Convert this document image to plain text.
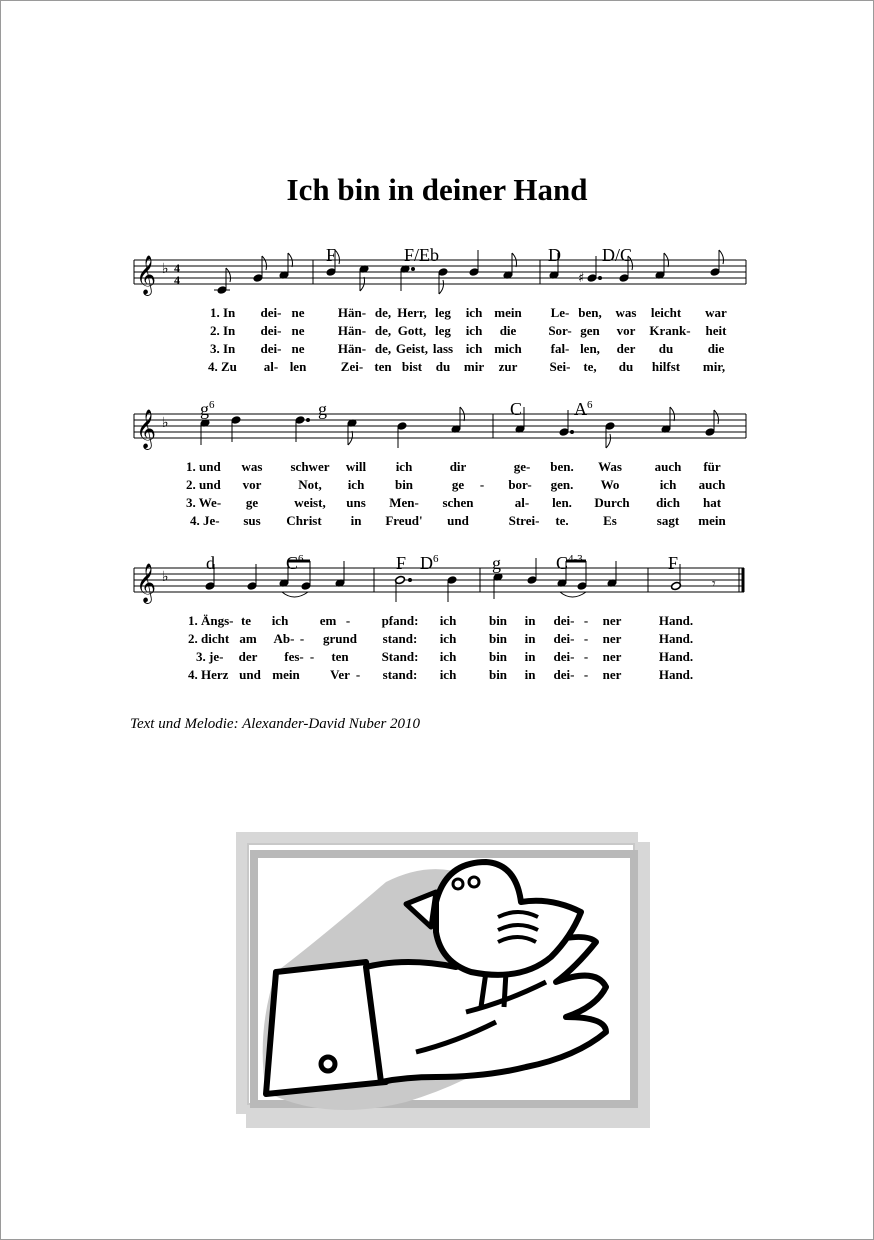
Ich bin in deiner Hand
𝄞 ♭ 4
4	♯
F	F/Eb	D D/C
1. In dei- ne	Hän- de, Herr, leg ich mein Le- ben, was leicht war
2. In dei- ne	Hän- de, Gott, leg ich die Sor- gen vor Krank- heit
3. In dei- ne	Hän- de, Geist, lass ich mich fal- len, der du	die
4. Zu al- len	Zei- ten bist du mir zur Sei- te, du hilfst mir,
𝄞 ♭
$g^6$	g	C	$A^6$
1. und was schwer will ich	dir	ge- ben. Was	auch für
2. und vor	Not, ich bin	ge - bor- gen. Wo	ich auch
3. We- ge	weist, uns Men- schen	al- len. Durch dich hat
4. Je- sus Christ in Freud' und	Strei- te.	Es	sagt mein
𝄞 ♭	𝄾
d	$C^6$	F $D^6$	g	$C^{4-3}$	F
1. Ängs- te ich em - pfand: ich	bin in dei- - ner	Hand.
2. dicht am Ab- - grund stand: ich	bin in dei- - ner	Hand.
3. je- der fes- - ten	Stand: ich	bin in dei- - ner	Hand.
4. Herz und mein Ver - stand: ich	bin in dei- - ner	Hand.
Text und Melodie: Alexander-David Nuber 2010
